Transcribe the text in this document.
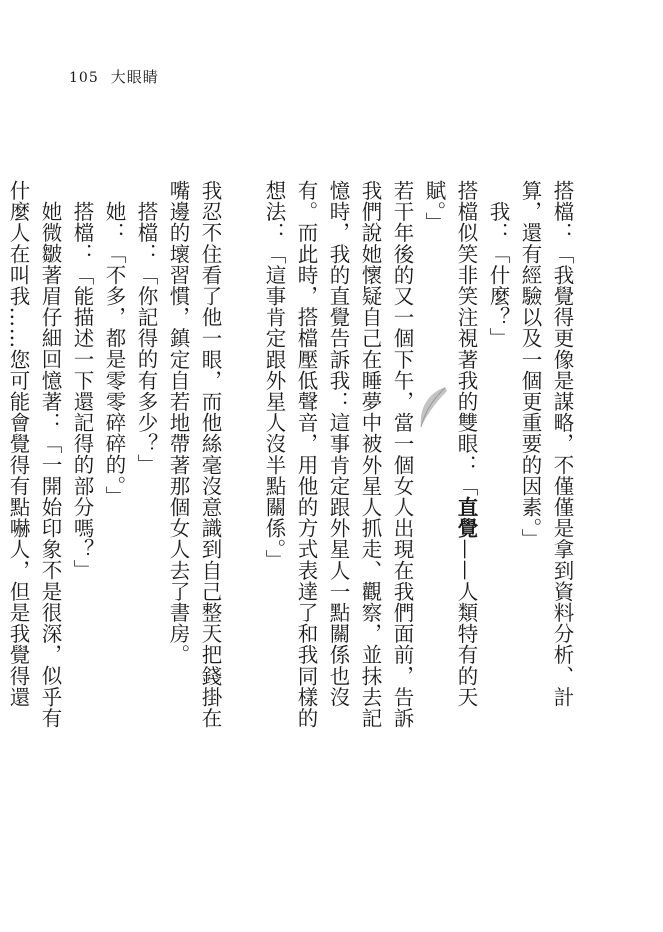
105 大眼睛

搭檔：「我覺得更像是謀略，不僅僅是拿到資料分析、計算，還有經驗以及一個更重要的因素。」

我：「什麼？」

搭檔似笑非笑注視著我的雙眼：「直覺——人類特有的天賦。」

若干年後的又一個下午，當一個女人出現在我們面前，告訴我們說她懷疑自己在睡夢中被外星人抓走、觀察，並抹去記憶時，我的直覺告訴我：這事肯定跟外星人一點關係也沒有。而此時，搭檔壓低聲音，用他的方式表達了和我同樣的想法：「這事肯定跟外星人沒半點關係。」

我忍不住看了他一眼，而他絲毫沒意識到自己整天把錢掛在嘴邊的壞習慣，鎮定自若地帶著那個女人去了書房。

搭檔：「你記得的有多少？」

她：「不多，都是零零碎碎的。」

搭檔：「能描述一下還記得的部分嗎？」

她微皺著眉仔細回憶著：「一開始印象不是很深，似乎有什麼人在叫我……您可能會覺得有點嚇人，但是我覺得還
